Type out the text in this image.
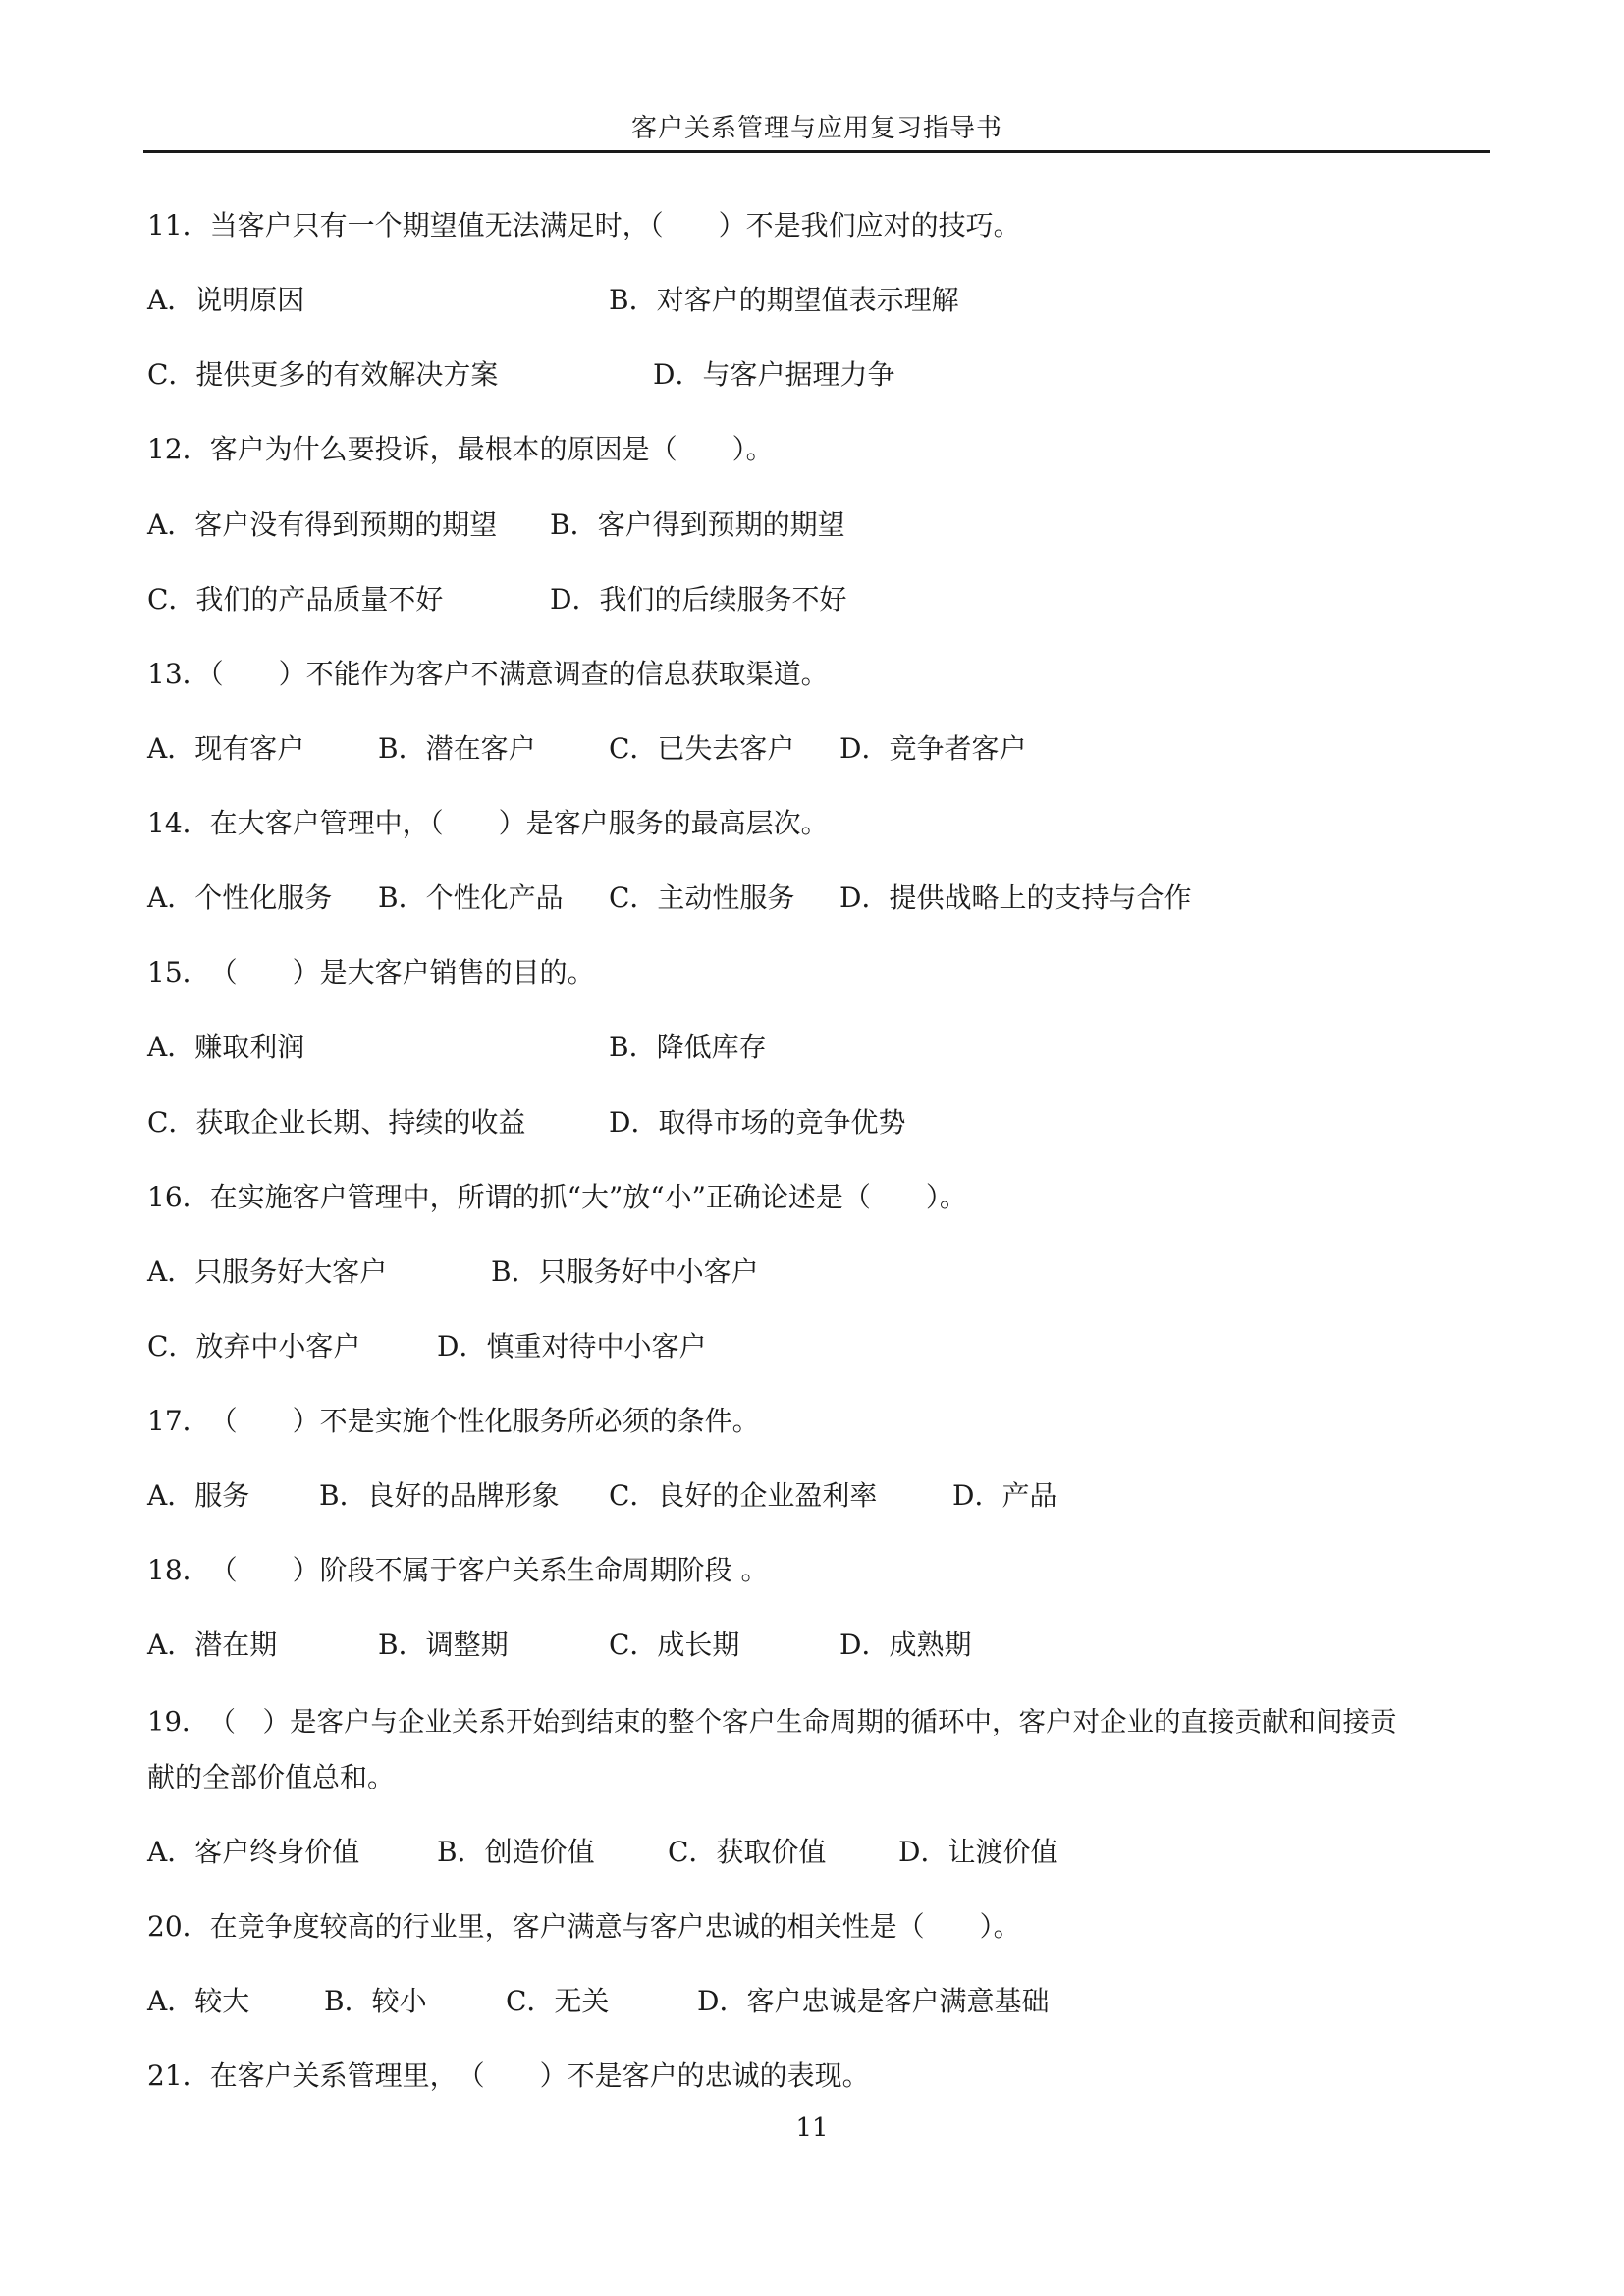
客户关系管理与应用复习指导书
11．当客户只有一个期望值无法满足时，（　　）不是我们应对的技巧。
A．说明原因	B．对客户的期望值表示理解
C．提供更多的有效解决方案	D．与客户据理力争
12．客户为什么要投诉，最根本的原因是（　　）。
A．客户没有得到预期的期望 B．客户得到预期的期望
C．我们的产品质量不好	D．我们的后续服务不好
13．（　　）不能作为客户不满意调查的信息获取渠道。
A．现有客户	B．潜在客户	C．已失去客户 D．竞争者客户
14．在大客户管理中，（　　）是客户服务的最高层次。
A．个性化服务 B．个性化产品 C．主动性服务 D．提供战略上的支持与合作
15．　（　　）是大客户销售的目的。
A．赚取利润	B．降低库存
C．获取企业长期、持续的收益	D．取得市场的竞争优势
16．在实施客户管理中，所谓的抓“大”放“小”正确论述是（　　）。
A．只服务好大客户	B．只服务好中小客户
C．放弃中小客户	D．慎重对待中小客户
17．　（　　）不是实施个性化服务所必须的条件。
A．服务	B．良好的品牌形象 C．良好的企业盈利率	D．产品
18．　（　　）阶段不属于客户关系生命周期阶段 。
A．潜在期	B．调整期	C．成长期	D．成熟期
19．　（　）是客户与企业关系开始到结束的整个客户生命周期的循环中，客户对企业的直接贡献和间接贡
献的全部价值总和。
A．客户终身价值	B．创造价值	C．获取价值	D．让渡价值
20．在竞争度较高的行业里，客户满意与客户忠诚的相关性是（　　）。
A．较大	B．较小	C．无关	D．客户忠诚是客户满意基础
21．在客户关系管理里，　（　　）不是客户的忠诚的表现。
11
